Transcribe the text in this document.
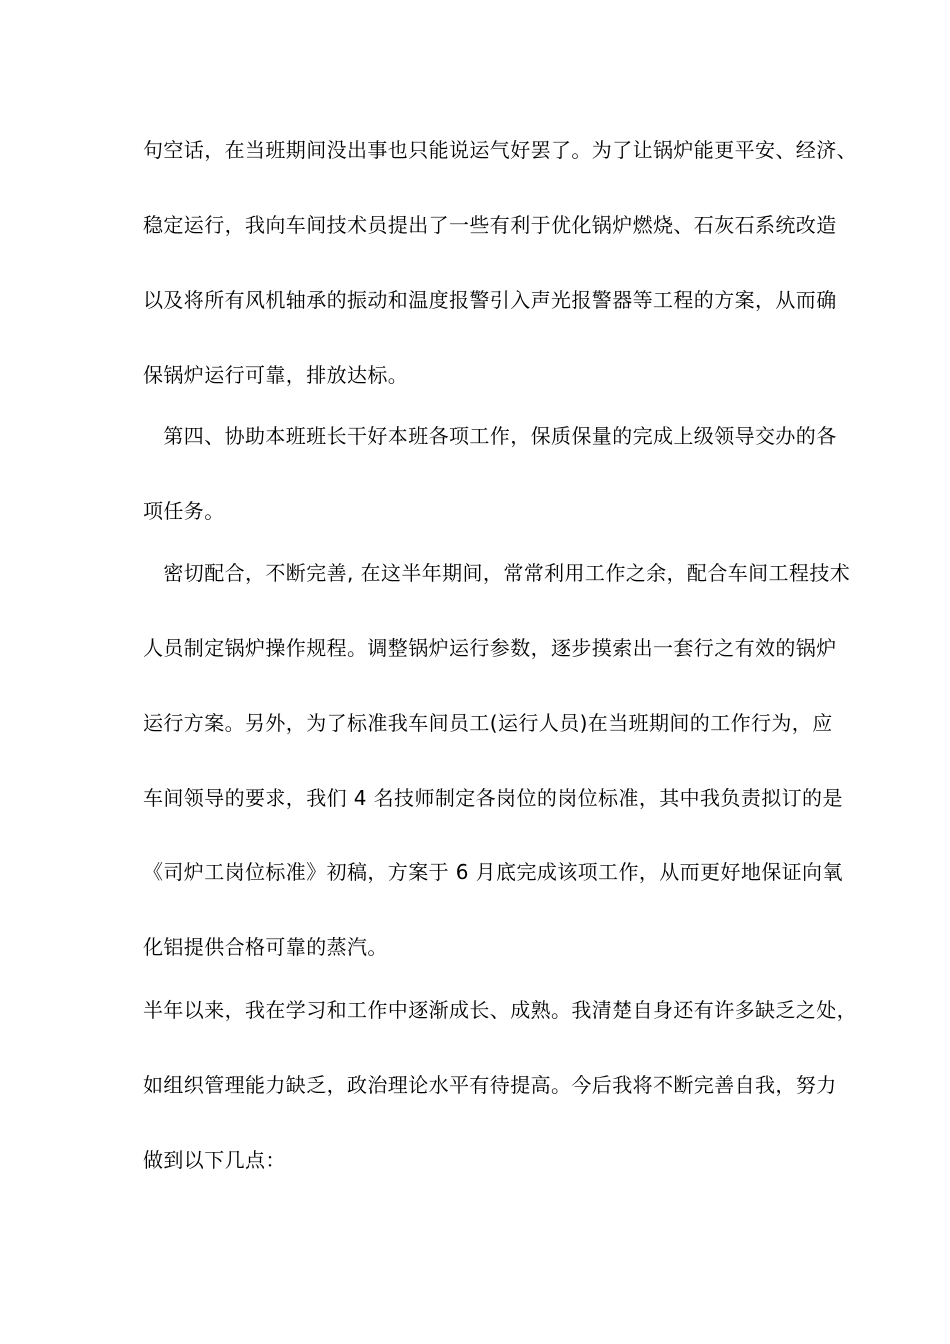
句空话，在当班期间没出事也只能说运气好罢了。为了让锅炉能更平安、经济、
稳定运行，我向车间技术员提出了一些有利于优化锅炉燃烧、石灰石系统改造
以及将所有风机轴承的振动和温度报警引入声光报警器等工程的方案，从而确
保锅炉运行可靠，排放达标。
　第四、协助本班班长干好本班各项工作，保质保量的完成上级领导交办的各
项任务。
　密切配合，不断完善, 在这半年期间，常常利用工作之余，配合车间工程技术
人员制定锅炉操作规程。调整锅炉运行参数，逐步摸索出一套行之有效的锅炉
运行方案。另外，为了标准我车间员工(运行人员)在当班期间的工作行为，应
车间领导的要求，我们 4 名技师制定各岗位的岗位标准，其中我负责拟订的是
《司炉工岗位标准》初稿，方案于 6 月底完成该项工作，从而更好地保证向氧
化铝提供合格可靠的蒸汽。
半年以来，我在学习和工作中逐渐成长、成熟。我清楚自身还有许多缺乏之处，
如组织管理能力缺乏，政治理论水平有待提高。今后我将不断完善自我，努力
做到以下几点：
